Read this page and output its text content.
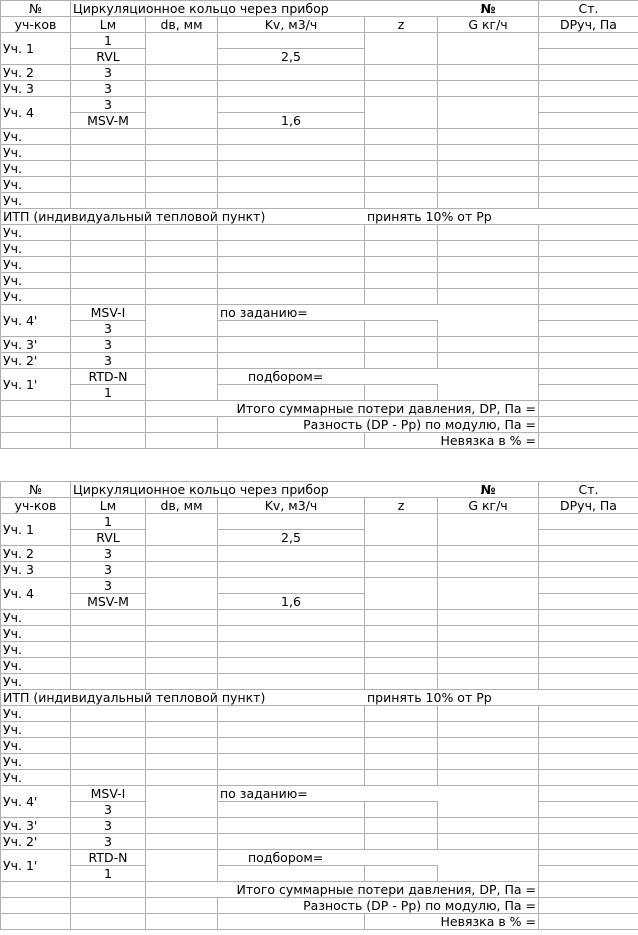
№	Циркуляционное кольцо через прибор				№	Ст.
уч-ков	Lм	dв, мм	Kv, м3/ч	z	G кг/ч	DPуч, Па
Уч. 1	1					
	RVL		2,5			
Уч. 2	3					
Уч. 3	3					
Уч. 4	3					
	MSV-M		1,6			
Уч.						
Уч.						
Уч.						
Уч.						
Уч.						
ИТП (индивидуальный тепловой пункт)				принять 10% от Рр		
Уч.						
Уч.						
Уч.						
Уч.						
Уч.						
Уч. 4'	MSV-I		по заданию=			
	3					
Уч. 3'	3					
Уч. 2'	3					
Уч. 1'	RTD-N		подбором=			
	1					
		Итого суммарные потери давления, DP, Па =				
			Разность (DP - Рр) по модулю, Па =			
				Невязка в % =		
№	Циркуляционное кольцо через прибор				№	Ст.
уч-ков	Lм	dв, мм	Kv, м3/ч	z	G кг/ч	DPуч, Па
Уч. 1	1					
	RVL		2,5			
Уч. 2	3					
Уч. 3	3					
Уч. 4	3					
	MSV-M		1,6			
Уч.						
Уч.						
Уч.						
Уч.						
Уч.						
ИТП (индивидуальный тепловой пункт)				принять 10% от Рр		
Уч.						
Уч.						
Уч.						
Уч.						
Уч.						
Уч. 4'	MSV-I		по заданию=			
	3					
Уч. 3'	3					
Уч. 2'	3					
Уч. 1'	RTD-N		подбором=			
	1					
		Итого суммарные потери давления, DP, Па =				
			Разность (DP - Рр) по модулю, Па =			
				Невязка в % =		
